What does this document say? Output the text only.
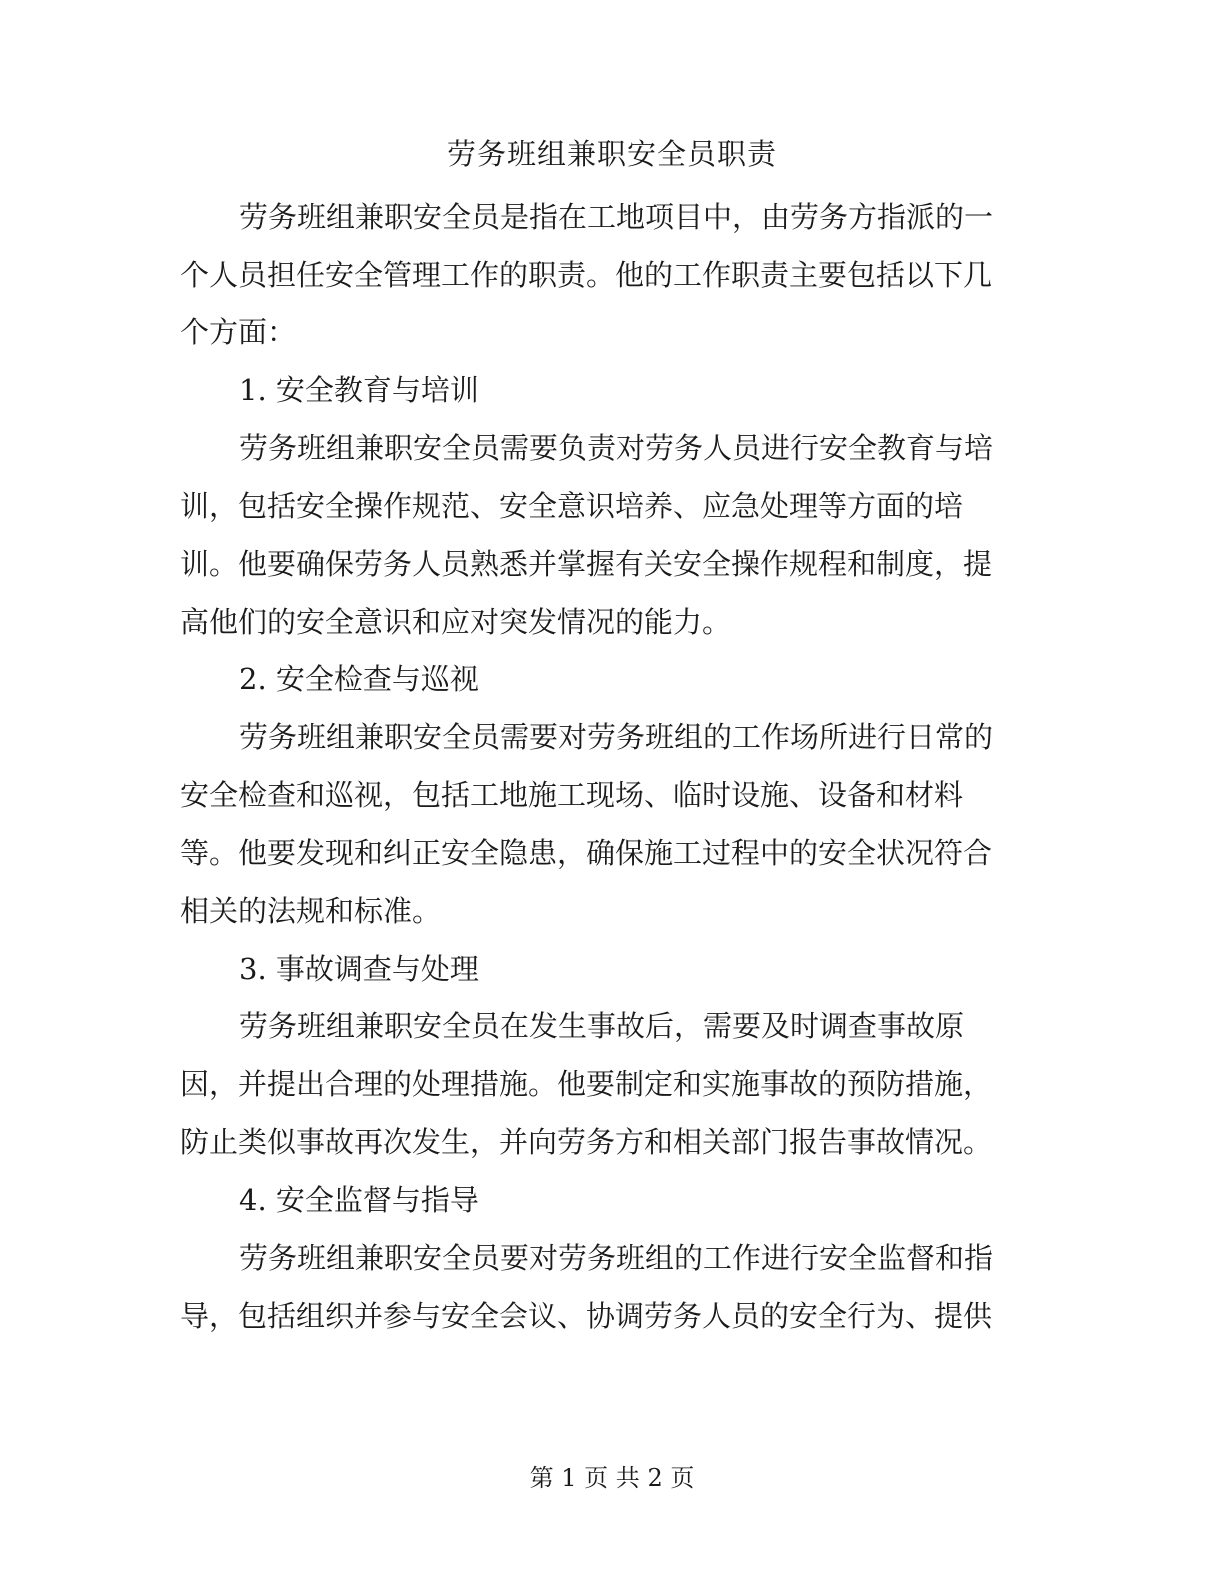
劳务班组兼职安全员职责

劳务班组兼职安全员是指在工地项目中，由劳务方指派的一

个人员担任安全管理工作的职责。他的工作职责主要包括以下几

个方面：

1. 安全教育与培训

劳务班组兼职安全员需要负责对劳务人员进行安全教育与培

训，包括安全操作规范、安全意识培养、应急处理等方面的培

训。他要确保劳务人员熟悉并掌握有关安全操作规程和制度，提

高他们的安全意识和应对突发情况的能力。

2. 安全检查与巡视

劳务班组兼职安全员需要对劳务班组的工作场所进行日常的

安全检查和巡视，包括工地施工现场、临时设施、设备和材料

等。他要发现和纠正安全隐患，确保施工过程中的安全状况符合

相关的法规和标准。

3. 事故调查与处理

劳务班组兼职安全员在发生事故后，需要及时调查事故原

因，并提出合理的处理措施。他要制定和实施事故的预防措施，

防止类似事故再次发生，并向劳务方和相关部门报告事故情况。

4. 安全监督与指导

劳务班组兼职安全员要对劳务班组的工作进行安全监督和指

导，包括组织并参与安全会议、协调劳务人员的安全行为、提供

第 1 页 共 2 页
